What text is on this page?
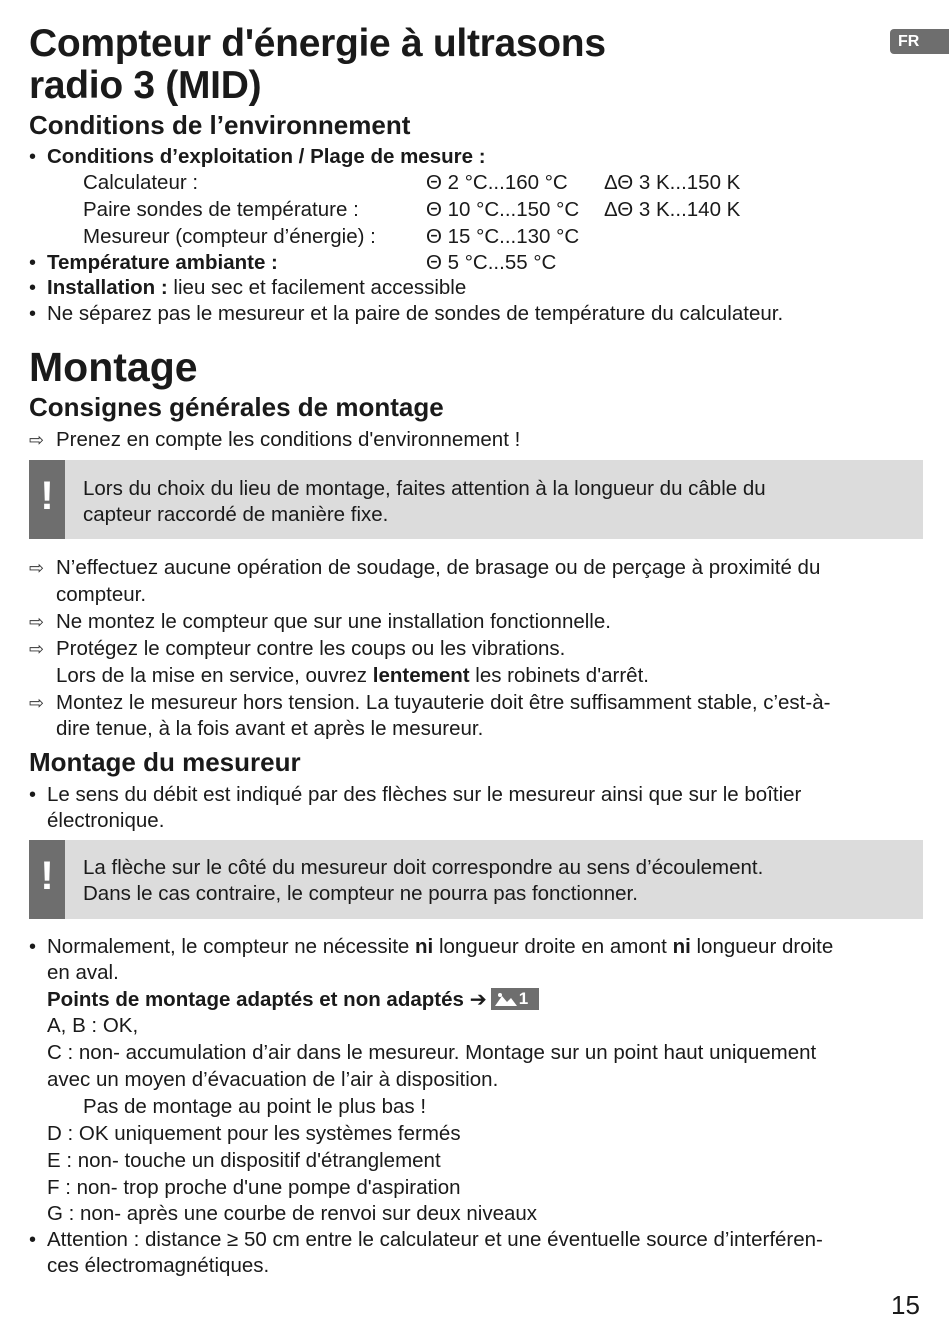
FR
Compteur d'énergie à ultrasons
radio 3 (MID)
Conditions de l’environnement
• Conditions d’exploitation / Plage de mesure :
Calculateur :	Θ 2 °C...160 °C ΔΘ 3 K...150 K
Paire sondes de température :	Θ 10 °C...150 °C ΔΘ 3 K...140 K
Mesureur (compteur d’énergie) : Θ 15 °C...130 °C
• Température ambiante :	Θ 5 °C...55 °C
• Installation : lieu sec et facilement accessible
• Ne séparez pas le mesureur et la paire de sondes de température du calculateur.
Montage
Consignes générales de montage
⇨ Prenez en compte les conditions d'environnement !
!	Lors du choix du lieu de montage, faites attention à la longueur du câble du
capteur raccordé de manière fixe.
⇨ N’effectuez aucune opération de soudage, de brasage ou de perçage à proximité du
compteur.
⇨ Ne montez le compteur que sur une installation fonctionnelle.
⇨ Protégez le compteur contre les coups ou les vibrations.
Lors de la mise en service, ouvrez lentement les robinets d'arrêt.
⇨ Montez le mesureur hors tension. La tuyauterie doit être suffisamment stable, c’est-à-
dire tenue, à la fois avant et après le mesureur.
Montage du mesureur
• Le sens du débit est indiqué par des flèches sur le mesureur ainsi que sur le boîtier
électronique.
!	La flèche sur le côté du mesureur doit correspondre au sens d’écoulement.
Dans le cas contraire, le compteur ne pourra pas fonctionner.
• Normalement, le compteur ne nécessite ni longueur droite en amont ni longueur droite
en aval.
Points de montage adaptés et non adaptés ➔ 1
A, B : OK,
C : non- accumulation d’air dans le mesureur. Montage sur un point haut uniquement
avec un moyen d’évacuation de l’air à disposition.
Pas de montage au point le plus bas !
D : OK uniquement pour les systèmes fermés
E : non- touche un dispositif d'étranglement
F : non- trop proche d'une pompe d'aspiration
G : non- après une courbe de renvoi sur deux niveaux
• Attention : distance ≥ 50 cm entre le calculateur et une éventuelle source d’interféren-
ces électromagnétiques.
15
